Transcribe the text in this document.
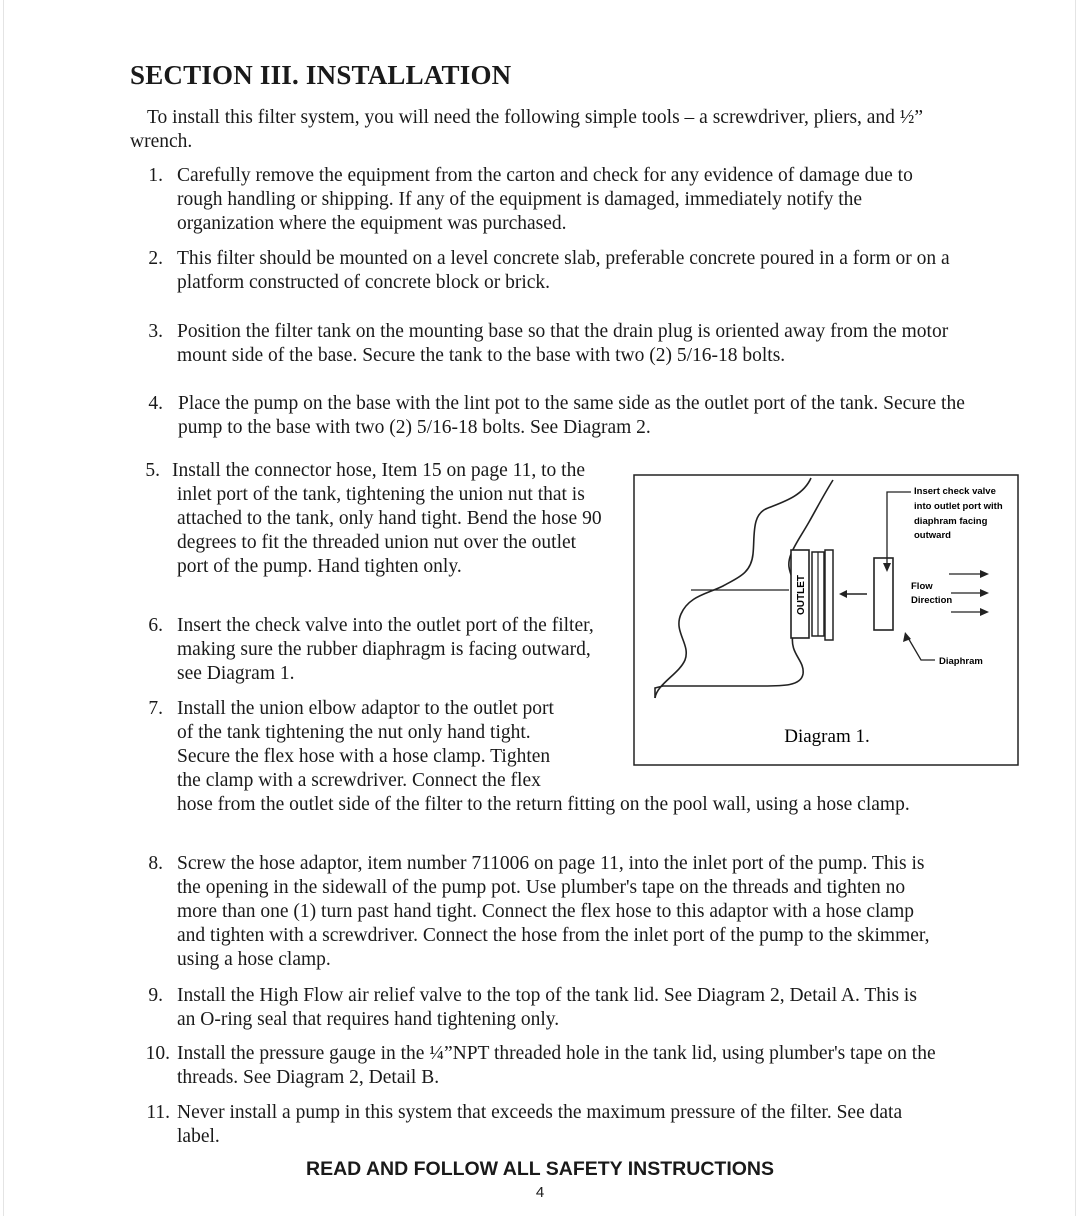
SECTION III. INSTALLATION

To install this filter system, you will need the following simple tools – a screwdriver, pliers, and ½” wrench.

1. Carefully remove the equipment from the carton and check for any evidence of damage due to rough handling or shipping. If any of the equipment is damaged, immediately notify the organization where the equipment was purchased.
2. This filter should be mounted on a level concrete slab, preferable concrete poured in a form or on a platform constructed of concrete block or brick.
3. Position the filter tank on the mounting base so that the drain plug is oriented away from the motor mount side of the base. Secure the tank to the base with two (2) 5/16-18 bolts.
4. Place the pump on the base with the lint pot to the same side as the outlet port of the tank. Secure the pump to the base with two (2) 5/16-18 bolts. See Diagram 2.
5. Install the connector hose, Item 15 on page 11, to the inlet port of the tank, tightening the union nut that is attached to the tank, only hand tight. Bend the hose 90 degrees to fit the threaded union nut over the outlet port of the pump. Hand tighten only.
6. Insert the check valve into the outlet port of the filter, making sure the rubber diaphragm is facing outward, see Diagram 1.
7. Install the union elbow adaptor to the outlet port of the tank tightening the nut only hand tight. Secure the flex hose with a hose clamp. Tighten the clamp with a screwdriver. Connect the flex hose from the outlet side of the filter to the return fitting on the pool wall, using a hose clamp.
8. Screw the hose adaptor, item number 711006 on page 11, into the inlet port of the pump. This is the opening in the sidewall of the pump pot. Use plumber's tape on the threads and tighten no more than one (1) turn past hand tight. Connect the flex hose to this adaptor with a hose clamp and tighten with a screwdriver. Connect the hose from the inlet port of the pump to the skimmer, using a hose clamp.
9. Install the High Flow air relief valve to the top of the tank lid. See Diagram 2, Detail A. This is an O-ring seal that requires hand tightening only.
10. Install the pressure gauge in the ¼”NPT threaded hole in the tank lid, using plumber's tape on the threads. See Diagram 2, Detail B.
11. Never install a pump in this system that exceeds the maximum pressure of the filter. See data label.
OUTLET
Insert check valve
into outlet port with
diaphram facing
outward
Flow
Direction
Diaphram
Diagram 1.
READ AND FOLLOW ALL SAFETY INSTRUCTIONS
4
